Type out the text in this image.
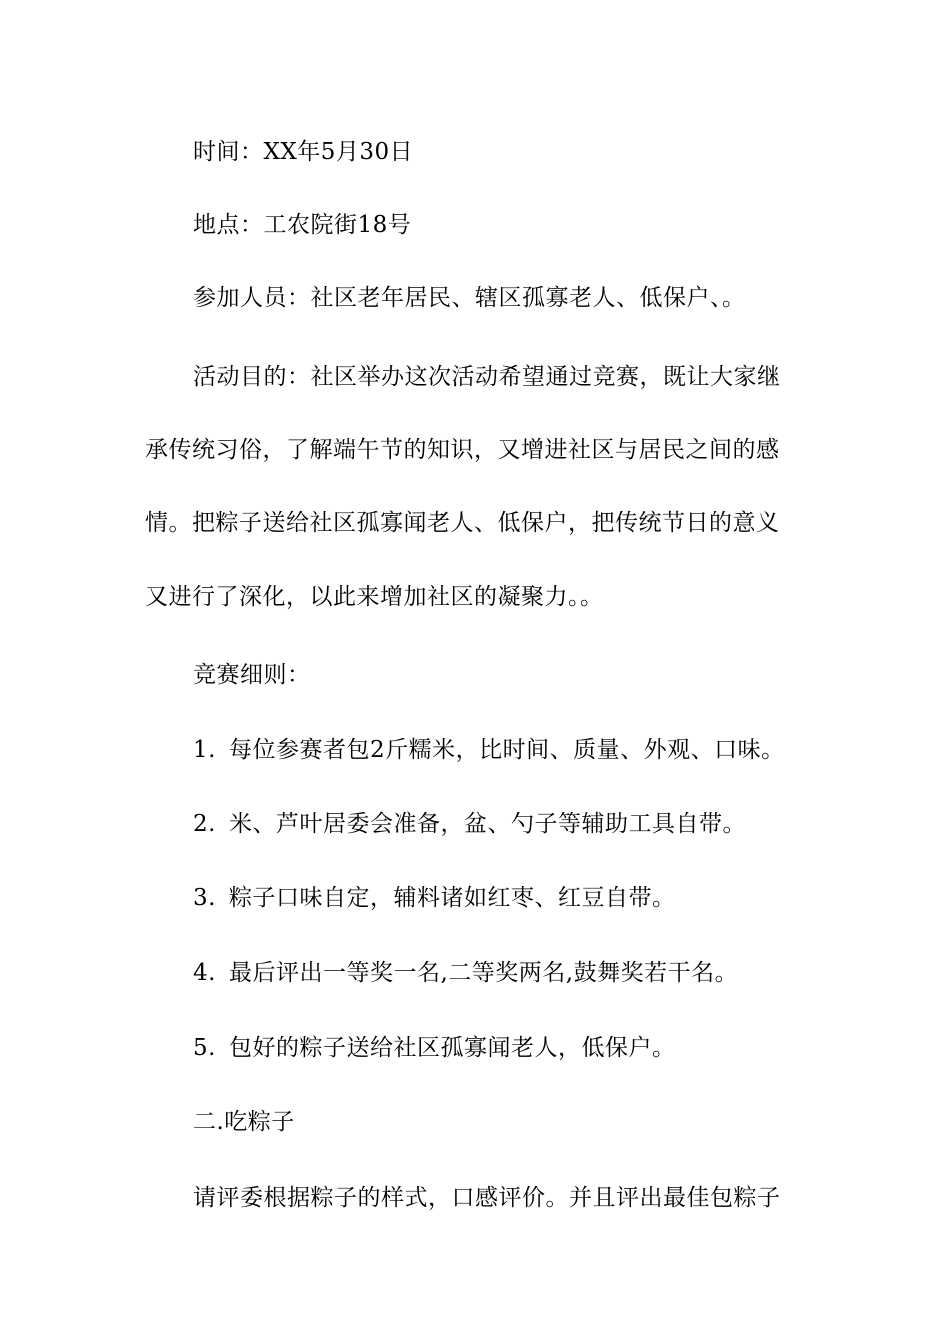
时间：XX年5月30日
地点：工农院街18号
参加人员：社区老年居民、辖区孤寡老人、低保户、。
活动目的：社区举办这次活动希望通过竞赛，既让大家继
承传统习俗，了解端午节的知识，又增进社区与居民之间的感
情。把粽子送给社区孤寡闻老人、低保户，把传统节日的意义
又进行了深化，以此来增加社区的凝聚力。。
竞赛细则：
1. 每位参赛者包2斤糯米，比时间、质量、外观、口味。
2. 米、芦叶居委会准备，盆、勺子等辅助工具自带。
3. 粽子口味自定，辅料诸如红枣、红豆自带。
4. 最后评出一等奖一名,二等奖两名,鼓舞奖若干名。
5. 包好的粽子送给社区孤寡闻老人，低保户。
二.吃粽子
请评委根据粽子的样式，口感评价。并且评出最佳包粽子
